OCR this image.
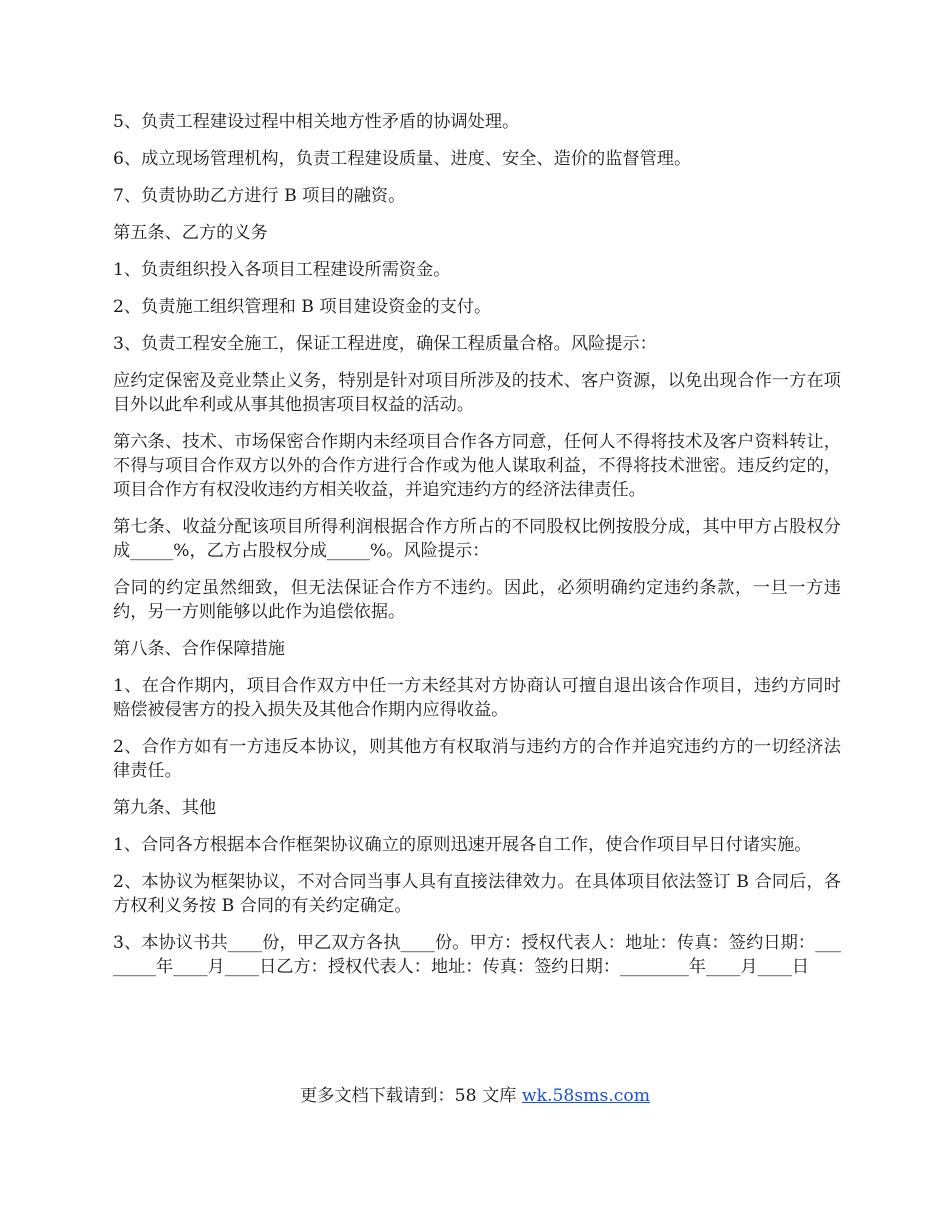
5、负责工程建设过程中相关地方性矛盾的协调处理。

6、成立现场管理机构，负责工程建设质量、进度、安全、造价的监督管理。

7、负责协助乙方进行 B 项目的融资。

第五条、乙方的义务

1、负责组织投入各项目工程建设所需资金。

2、负责施工组织管理和 B 项目建设资金的支付。

3、负责工程安全施工，保证工程进度，确保工程质量合格。风险提示：

应约定保密及竞业禁止义务，特别是针对项目所涉及的技术、客户资源，以免出现合作一方在项目外以此牟利或从事其他损害项目权益的活动。

第六条、技术、市场保密合作期内未经项目合作各方同意，任何人不得将技术及客户资料转让，不得与项目合作双方以外的合作方进行合作或为他人谋取利益，不得将技术泄密。违反约定的，项目合作方有权没收违约方相关收益，并追究违约方的经济法律责任。

第七条、收益分配该项目所得利润根据合作方所占的不同股权比例按股分成，其中甲方占股权分成_____%，乙方占股权分成_____%。风险提示：

合同的约定虽然细致，但无法保证合作方不违约。因此，必须明确约定违约条款，一旦一方违约，另一方则能够以此作为追偿依据。

第八条、合作保障措施

1、在合作期内，项目合作双方中任一方未经其对方协商认可擅自退出该合作项目，违约方同时赔偿被侵害方的投入损失及其他合作期内应得收益。

2、合作方如有一方违反本协议，则其他方有权取消与违约方的合作并追究违约方的一切经济法律责任。

第九条、其他

1、合同各方根据本合作框架协议确立的原则迅速开展各自工作，使合作项目早日付诸实施。

2、本协议为框架协议，不对合同当事人具有直接法律效力。在具体项目依法签订 B 合同后，各方权利义务按 B 合同的有关约定确定。

3、本协议书共____份，甲乙双方各执____份。甲方：授权代表人：地址：传真：签约日期：________年____月____日乙方：授权代表人：地址：传真：签约日期：________年____月____日

更多文档下载请到：58 文库 wk.58sms.com
